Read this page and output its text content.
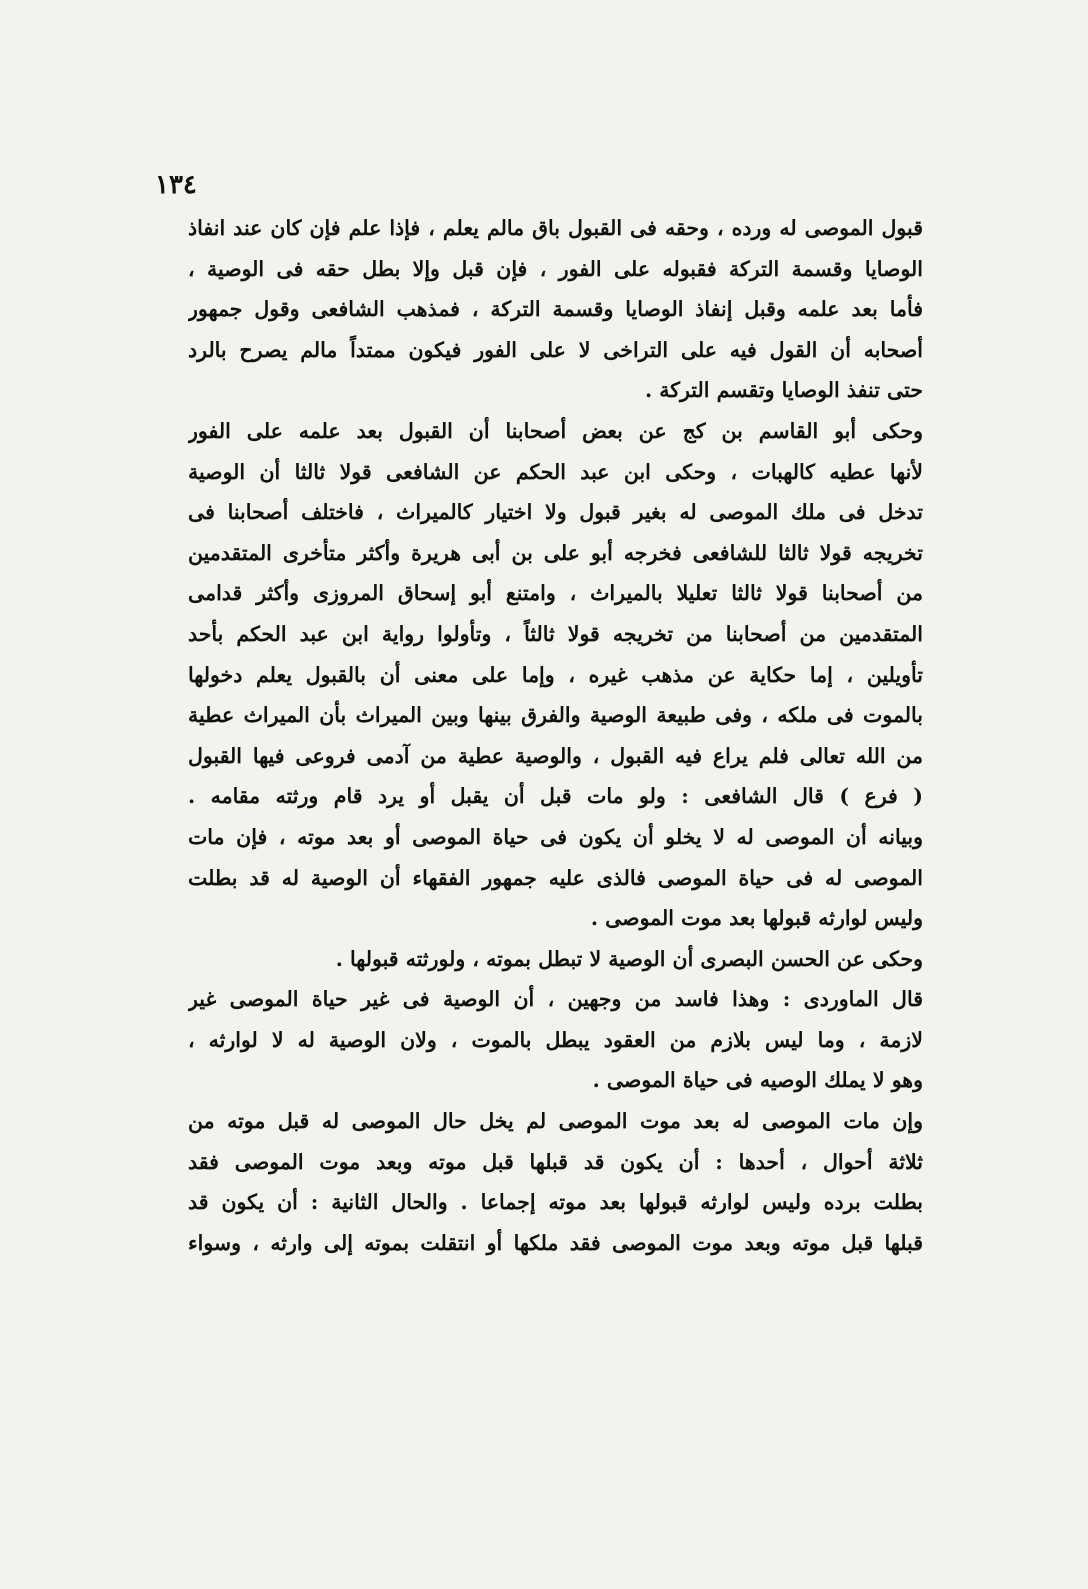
١٣٤
قبول الموصى له ورده ، وحقه فى القبول باق مالم يعلم ، فإذا علم فإن كان عند انفاذ
الوصايا وقسمة التركة فقبوله على الفور ، فإن قبل وإلا بطل حقه فى الوصية ،
فأما بعد علمه وقبل إنفاذ الوصايا وقسمة التركة ، فمذهب الشافعى وقول جمهور
أصحابه أن القول فيه على التراخى لا على الفور فيكون ممتداً مالم يصرح بالرد
حتى تنفذ الوصايا وتقسم التركة .
وحكى أبو القاسم بن كج عن بعض أصحابنا أن القبول بعد علمه على الفور
لأنها عطيه كالهبات ، وحكى ابن عبد الحكم عن الشافعى قولا ثالثا أن الوصية
تدخل فى ملك الموصى له بغير قبول ولا اختيار كالميراث ، فاختلف أصحابنا فى
تخريجه قولا ثالثا للشافعى فخرجه أبو على بن أبى هريرة وأكثر متأخرى المتقدمين
من أصحابنا قولا ثالثا تعليلا بالميراث ، وامتنع أبو إسحاق المروزى وأكثر قدامى
المتقدمين من أصحابنا من تخريجه قولا ثالثاً ، وتأولوا رواية ابن عبد الحكم بأحد
تأويلين ، إما حكاية عن مذهب غيره ، وإما على معنى أن بالقبول يعلم دخولها
بالموت فى ملكه ، وفى طبيعة الوصية والفرق بينها وبين الميراث بأن الميراث عطية
من الله تعالى فلم يراع فيه القبول ، والوصية عطية من آدمى فروعى فيها القبول
( فرع ) قال الشافعى : ولو مات قبل أن يقبل أو يرد قام ورثته مقامه .
وبيانه أن الموصى له لا يخلو أن يكون فى حياة الموصى أو بعد موته ، فإن مات
الموصى له فى حياة الموصى فالذى عليه جمهور الفقهاء أن الوصية له قد بطلت
وليس لوارثه قبولها بعد موت الموصى .
وحكى عن الحسن البصرى أن الوصية لا تبطل بموته ، ولورثته قبولها .
قال الماوردى : وهذا فاسد من وجهين ، أن الوصية فى غير حياة الموصى غير
لازمة ، وما ليس بلازم من العقود يبطل بالموت ، ولان الوصية له لا لوارثه ،
وهو لا يملك الوصيه فى حياة الموصى .
وإن مات الموصى له بعد موت الموصى لم يخل حال الموصى له قبل موته من
ثلاثة أحوال ، أحدها : أن يكون قد قبلها قبل موته وبعد موت الموصى فقد
بطلت برده وليس لوارثه قبولها بعد موته إجماعا . والحال الثانية : أن يكون قد
قبلها قبل موته وبعد موت الموصى فقد ملكها أو انتقلت بموته إلى وارثه ، وسواء
